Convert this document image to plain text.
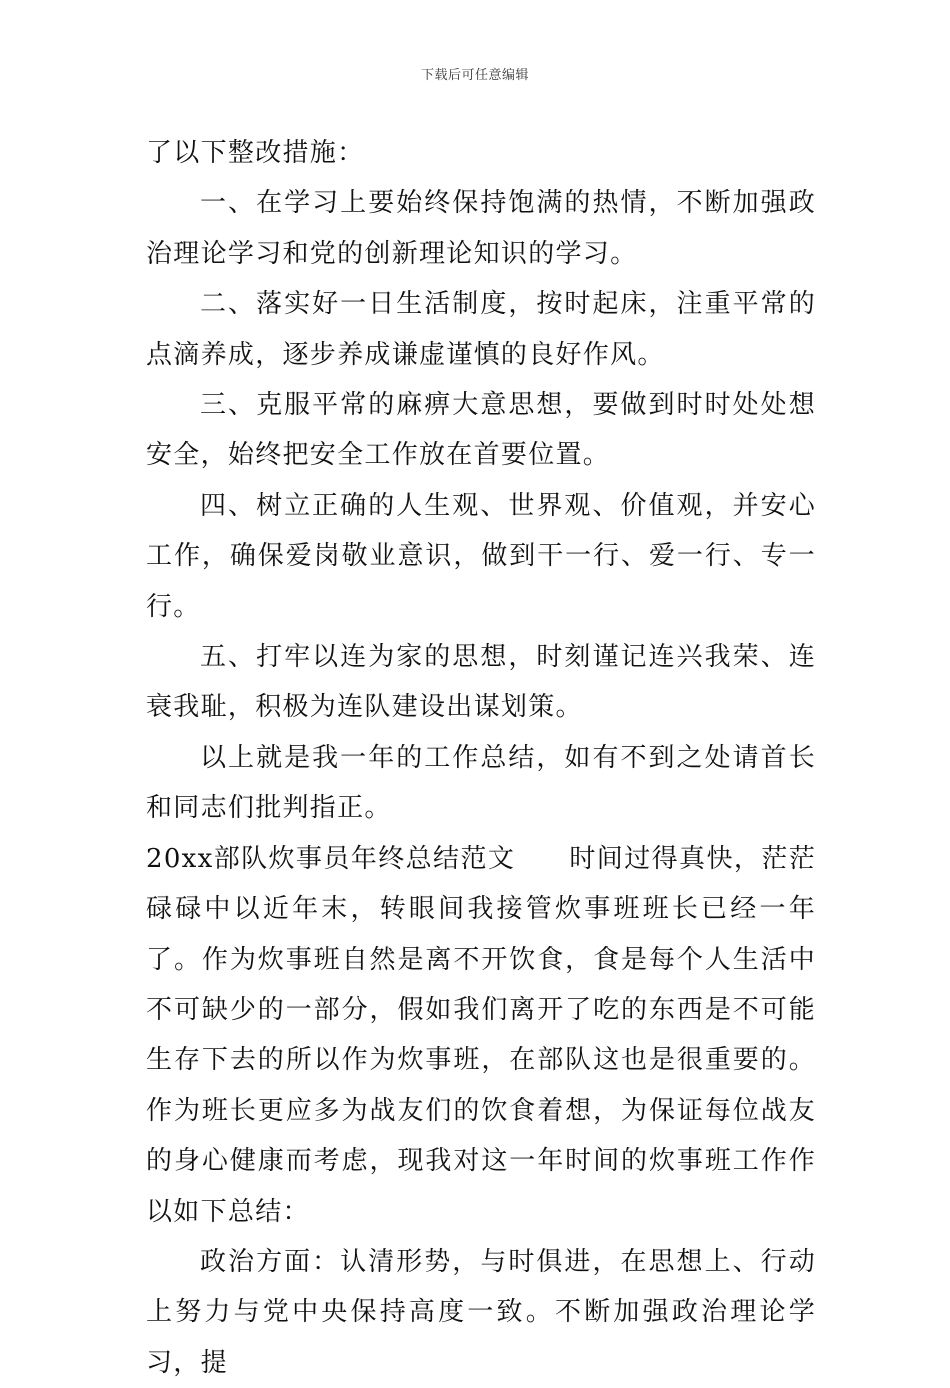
下载后可任意编辑

了以下整改措施：

一、在学习上要始终保持饱满的热情，不断加强政治理论学习和党的创新理论知识的学习。

二、落实好一日生活制度，按时起床，注重平常的点滴养成，逐步养成谦虚谨慎的良好作风。

三、克服平常的麻痹大意思想，要做到时时处处想安全，始终把安全工作放在首要位置。

四、树立正确的人生观、世界观、价值观，并安心工作，确保爱岗敬业意识，做到干一行、爱一行、专一行。

五、打牢以连为家的思想，时刻谨记连兴我荣、连衰我耻，积极为连队建设出谋划策。

以上就是我一年的工作总结，如有不到之处请首长和同志们批判指正。

20xx部队炊事员年终总结范文 时间过得真快，茫茫碌碌中以近年末，转眼间我接管炊事班班长已经一年了。作为炊事班自然是离不开饮食，食是每个人生活中不可缺少的一部分，假如我们离开了吃的东西是不可能生存下去的所以作为炊事班，在部队这也是很重要的。作为班长更应多为战友们的饮食着想，为保证每位战友的身心健康而考虑，现我对这一年时间的炊事班工作作以如下总结：

政治方面：认清形势，与时俱进，在思想上、行动上努力与党中央保持高度一致。不断加强政治理论学习，提
